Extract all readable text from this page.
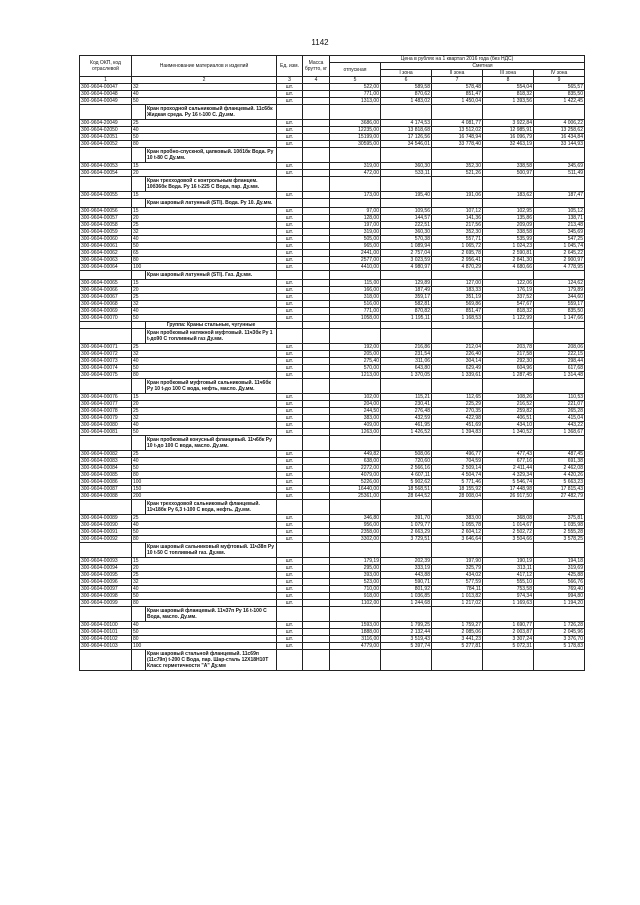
1142
Код ОКП, код отраслевой	Наименование материалов и изделий		Ед. изм.	Масса брутто, кг	Цена в рублях на 1 квартал 2016 года (без НДС)				
					отпускная	Сметная			
						I зона	II зона	III зона	IV зона
1	2		3	4	5	6	7	8	9
300-9604-00047	32		шт.		522,00	589,58	578,48	554,04	565,57
300-9604-00048	40		шт.		771,00	870,62	851,47	818,32	835,50
300-9604-00049	50		шт.		1313,00	1 483,02	1 450,04	1 393,56	1 422,45
		Кран проходной сальниковый фланцевый. 11с6бк Жидкая среда. Ру 16 t-100 С. Ду.мм.							
300-9604-20049	25		шт.		3686,00	4 174,53	4 081,77	3 922,84	4 006,22
300-9604-02050	40		шт.		12235,00	13 818,68	13 512,02	12 985,91	13 258,62
300-9604-02051	50		шт.		15199,00	17 126,56	16 748,94	16 096,79	16 434,84
300-9604-00052	80		шт.		30595,00	34 546,01	33 778,40	32 463,19	33 144,93
		Кран пробно-спускной, цапковый. 10б1бк Вода. Ру 10 t-80 С Ду.мм.							
300-9604-00053	15		шт.		319,00	360,30	352,30	338,58	345,69
300-9604-00054	20		шт.		472,00	533,11	521,26	500,97	511,49
		Кран трехходовой с контрольным фланцем. 10б36бк Вода. Ру 16 t-225 С Вода, пар. Ду.мм.							
300-9604-00055	15		шт.		173,00	195,40	191,06	183,62	187,47
		Кран шаровый латунный (STI). Вода. Ру 10. Ду.мм.							
300-9604-00056	15		шт.		97,00	109,56	107,12	102,95	105,12
300-9604-00057	20		шт.		128,00	144,57	141,36	135,86	138,71
300-9604-00058	25		шт.		197,00	222,51	217,56	209,09	213,48
300-9604-00059	32		шт.		319,00	360,30	352,30	338,58	345,69
300-9604-00060	40		шт.		505,00	570,38	557,71	535,99	547,25
300-9604-00061	50		шт.		965,00	1 089,94	1 065,72	1 024,23	1 045,74
300-9604-00062	65		шт.		2441,00	2 757,04	2 695,78	2 590,81	2 645,22
300-9604-00063	80		шт.		2577,00	3 023,59	2 956,41	2 841,30	2 900,97
300-9604-00064	100		шт.		4410,00	4 980,97	4 870,29	4 680,66	4 778,95
		Кран шаровый латунный (STI). Газ. Ду.мм.							
300-9604-00065	15		шт.		115,00	129,89	127,00	122,06	124,62
300-9604-00066	20		шт.		166,00	187,49	183,33	176,19	179,89
300-9604-00067	25		шт.		318,00	359,17	351,19	337,52	344,60
300-9604-00068	32		шт.		516,00	582,81	569,86	547,67	559,17
300-9604-00069	40		шт.		771,00	870,82	851,47	818,32	835,50
300-9604-00070	50		шт.		1058,00	1 195,11	1 168,53	1 122,99	1 147,66
		Группа: Краны стальные, чугунные							
		Кран пробковый натяжной муфтовый. 11ч3бк Ру 1 t-до90 С топливный газ Ду.мм.							
300-9604-00071	25		шт.		192,00	216,86	212,04	203,78	208,06
300-9604-00072	32		шт.		205,00	231,54	226,40	217,58	222,15
300-9604-00073	40		шт.		275,40	311,06	304,14	292,30	298,44
300-9604-00074	50		шт.		570,00	643,80	629,49	604,96	617,68
300-9604-00075	80		шт.		1213,00	1 370,05	1 339,61	1 287,45	1 314,48
		Кран пробковый муфтовый сальниковый. 11ч6бк Ру 10 t-до 100 С вода, нефть, масло. Ду.мм.							
300-9604-00076	15		шт.		102,00	115,21	112,65	108,26	110,53
300-9604-00077	20		шт.		204,00	230,41	225,29	216,52	221,07
300-9604-00078	25		шт.		244,50	276,48	270,35	259,82	265,28
300-9604-00079	32		шт.		383,00	432,59	422,98	406,51	415,04
300-9604-00080	40		шт.		409,00	461,95	451,69	434,10	443,22
300-9604-00081	50		шт.		1263,00	1 426,52	1 394,83	1 340,52	1 368,67
		Кран пробковый конусный фланцевый. 11ч6бк Ру 10 t-до 100 С вода, масло. Ду.мм.							
300-9604-00082	25		шт.		449,82	508,06	496,77	477,43	487,45
300-9604-00083	40		шт.		638,00	720,60	704,59	677,16	691,38
300-9604-00084	50		шт.		2272,00	2 566,16	2 509,14	2 411,44	2 462,08
300-9604-00085	80		шт.		4079,00	4 607,11	4 504,74	4 329,34	4 420,26
300-9604-00086	100		шт.		5226,00	5 902,62	5 771,46	5 546,74	5 663,23
300-9604-00087	150		шт.		16440,00	18 568,51	18 155,92	17 448,98	17 815,43
300-9604-00088	200		шт.		25361,00	28 644,52	28 008,04	26 917,50	27 482,79
		Кран трехходовой сальниковый фланцевый. 11ч18бк Ру 6,3 t-100 С вода, нефть. Ду.мм.							
300-9604-00089	25		шт.		346,80	391,70	383,00	368,08	375,81
300-9604-00090	40		шт.		956,00	1 079,77	1 055,78	1 014,67	1 035,98
300-9604-00091	50		шт.		2358,00	2 663,29	2 604,12	2 502,72	2 555,28
300-9604-00092	80		шт.		3302,00	3 729,51	3 646,64	3 504,66	3 578,25
		Кран шаровый сальниковый муфтовый. 11ч38п Ру 10 t-50 С топливный газ. Ду.мм.							
300-9604-00093	15		шт.		179,19	202,39	197,90	190,19	194,18
300-9604-00094	20		шт.		295,00	333,19	325,79	313,11	319,69
300-9604-00095	25		шт.		393,00	443,88	434,02	417,12	425,88
300-9604-00096	32		шт.		523,00	590,71	577,59	555,10	566,76
300-9604-00097	40		шт.		710,00	801,92	784,11	753,58	769,40
300-9604-00098	50		шт.		918,00	1 036,85	1 013,82	974,34	994,80
300-9604-00099	80		шт.		1102,00	1 244,68	1 217,02	1 169,63	1 194,20
		Кран шаровый фланцевый. 11ч37п Ру 16 t-100 С Вода, масло. Ду.мм.							
300-9604-00100	40		шт.		1593,00	1 799,25	1 759,27	1 690,77	1 726,28
300-9604-00101	50		шт.		1888,00	2 132,44	2 085,06	2 003,87	2 045,96
300-9604-00102	80		шт.		3116,00	3 519,43	3 441,23	3 307,24	3 376,70
300-9604-00103	100		шт.		4779,00	5 397,74	5 277,81	5 072,31	5 178,83
		Кран шаровый стальной фланцевый. 11с69п (11с79п) t-200 С Вода, пар. Шар-сталь 12Х18Н10Т Класс герметичности "А" Ду.мм							
